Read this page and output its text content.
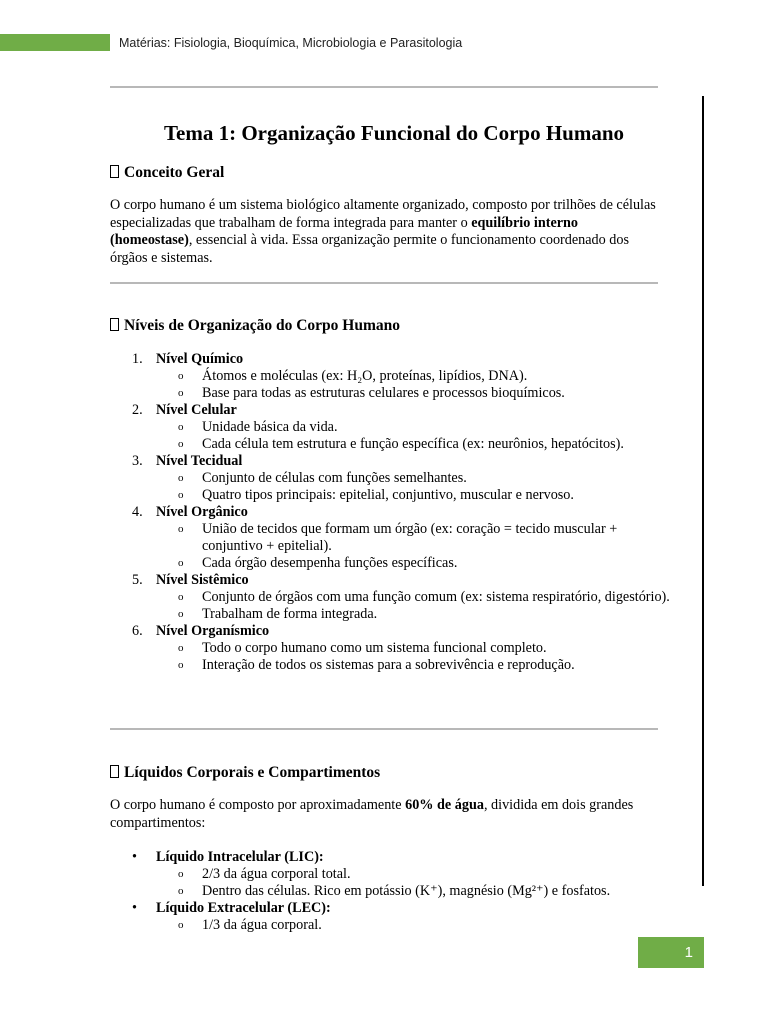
Matérias: Fisiologia, Bioquímica, Microbiologia e Parasitologia
Tema 1: Organização Funcional do Corpo Humano
Conceito Geral

O corpo humano é um sistema biológico altamente organizado, composto por trilhões de células especializadas que trabalham de forma integrada para manter o equilíbrio interno (homeostase), essencial à vida. Essa organização permite o funcionamento coordenado dos órgãos e sistemas.

Níveis de Organização do Corpo Humano
1. Nível Químico
o Átomos e moléculas (ex: H₂O, proteínas, lipídios, DNA).
o Base para todas as estruturas celulares e processos bioquímicos.
2. Nível Celular
o Unidade básica da vida.
o Cada célula tem estrutura e função específica (ex: neurônios, hepatócitos).
3. Nível Tecidual
o Conjunto de células com funções semelhantes.
o Quatro tipos principais: epitelial, conjuntivo, muscular e nervoso.
4. Nível Orgânico
o União de tecidos que formam um órgão (ex: coração = tecido muscular + conjuntivo + epitelial).
o Cada órgão desempenha funções específicas.
5. Nível Sistêmico
o Conjunto de órgãos com uma função comum (ex: sistema respiratório, digestório).
o Trabalham de forma integrada.
6. Nível Organísmico
o Todo o corpo humano como um sistema funcional completo.
o Interação de todos os sistemas para a sobrevivência e reprodução.
Líquidos Corporais e Compartimentos

O corpo humano é composto por aproximadamente 60% de água, dividida em dois grandes compartimentos:

• Líquido Intracelular (LIC):
o 2/3 da água corporal total.
o Dentro das células. Rico em potássio (K⁺), magnésio (Mg²⁺) e fosfatos.
• Líquido Extracelular (LEC):
o 1/3 da água corporal.
1
